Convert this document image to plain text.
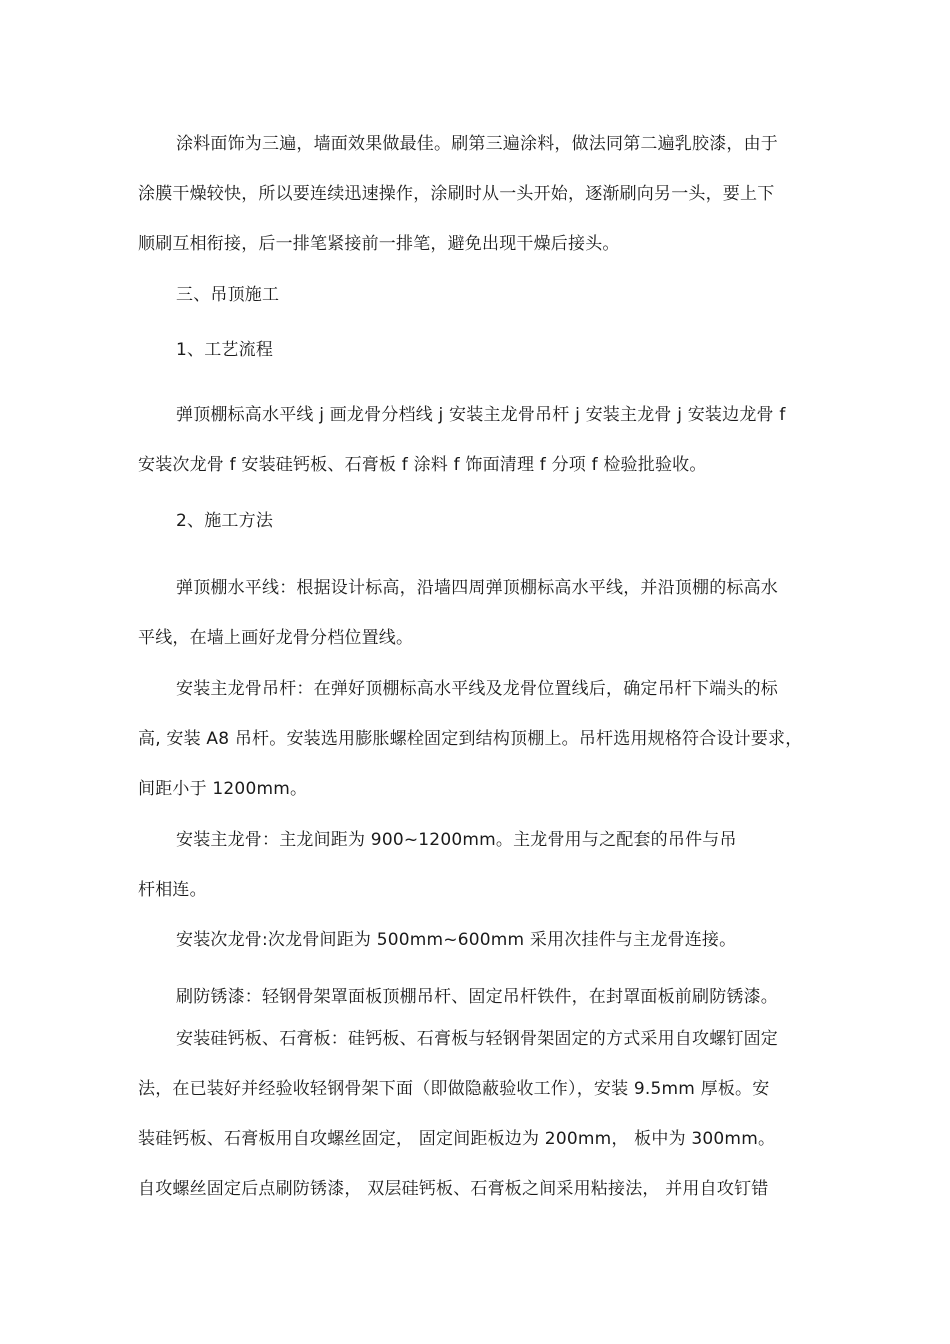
涂料面饰为三遍，墙面效果做最佳。刷第三遍涂料，做法同第二遍乳胶漆，由于
涂膜干燥较快，所以要连续迅速操作，涂刷时从一头开始，逐渐刷向另一头，要上下
顺刷互相衔接，后一排笔紧接前一排笔，避免出现干燥后接头。
三、吊顶施工
1、工艺流程
弹顶棚标高水平线 j 画龙骨分档线 j 安装主龙骨吊杆 j 安装主龙骨 j 安装边龙骨 f
安装次龙骨 f 安装硅钙板、石膏板 f 涂料 f 饰面清理 f 分项 f 检验批验收。
2、施工方法
弹顶棚水平线：根据设计标高，沿墙四周弹顶棚标高水平线，并沿顶棚的标高水
平线，在墙上画好龙骨分档位置线。
安装主龙骨吊杆：在弹好顶棚标高水平线及龙骨位置线后，确定吊杆下端头的标
高, 安装 A8 吊杆。安装选用膨胀螺栓固定到结构顶棚上。吊杆选用规格符合设计要求，
间距小于 1200mm。
安装主龙骨：主龙间距为 900~1200mm。主龙骨用与之配套的吊件与吊
杆相连。
安装次龙骨:次龙骨间距为 500mm~600mm 采用次挂件与主龙骨连接。
刷防锈漆：轻钢骨架罩面板顶棚吊杆、固定吊杆铁件，在封罩面板前刷防锈漆。
安装硅钙板、石膏板：硅钙板、石膏板与轻钢骨架固定的方式采用自攻螺钉固定
法，在已装好并经验收轻钢骨架下面（即做隐蔽验收工作），安装 9.5mm 厚板。安
装硅钙板、石膏板用自攻螺丝固定， 固定间距板边为 200mm， 板中为 300mm。
自攻螺丝固定后点刷防锈漆， 双层硅钙板、石膏板之间采用粘接法， 并用自攻钉错
